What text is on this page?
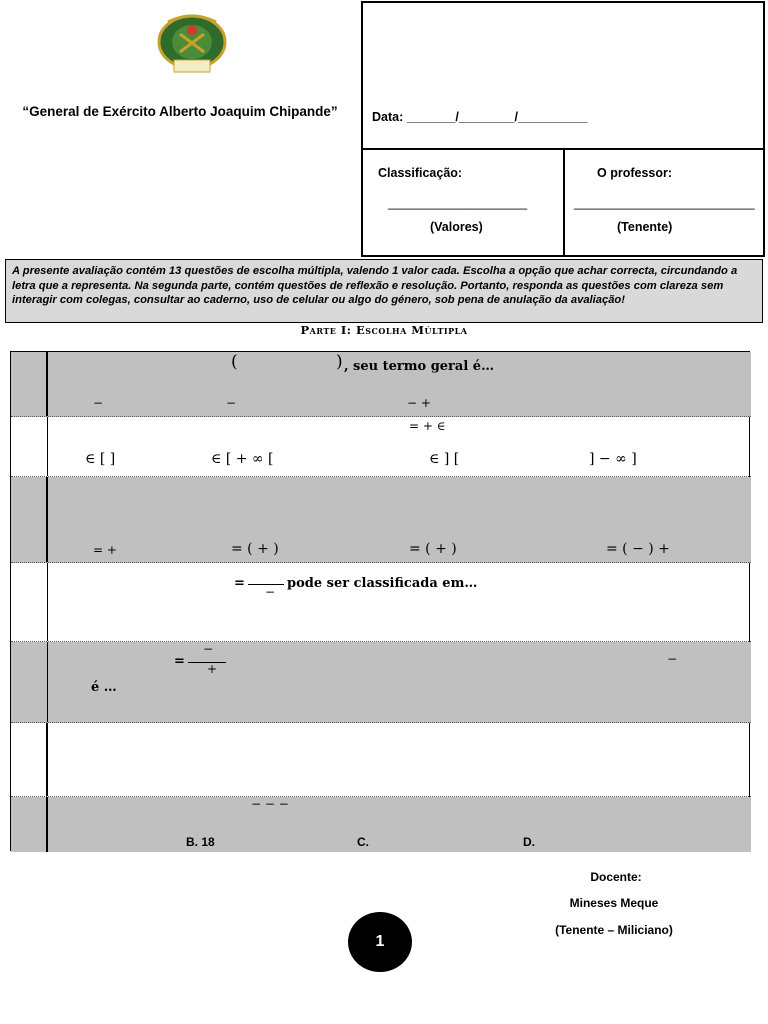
“General de Exército Alberto Joaquim Chipande”	Data: _______/________/__________
Classificação:
____________________
(Valores)
O professor:
__________________________
(Tenente)
A presente avaliação contém 13 questões de escolha múltipla, valendo 1 valor cada. Escolha a opção que achar correcta, circundando a letra que a representa. Na segunda parte, contém questões de reflexão e resolução. Portanto, responda as questões com clareza sem interagir com colegas, consultar ao caderno, uso de celular ou algo do género, sob pena de anulação da avaliação!
Parte I: Escolha Múltipla
(	) , seu termo geral é…
−	−	− +
= + ∈
∈ [ ]	∈ [ + ∞ [	∈ ] [	] − ∞ ]
= +	= ( + )	= ( + )	= ( − ) +
=
−
pode ser classificada em…
=
−
+
−
é …
− − −
B. 18	C.	D.
Docente:
Mineses Meque
(Tenente – Miliciano)
1
